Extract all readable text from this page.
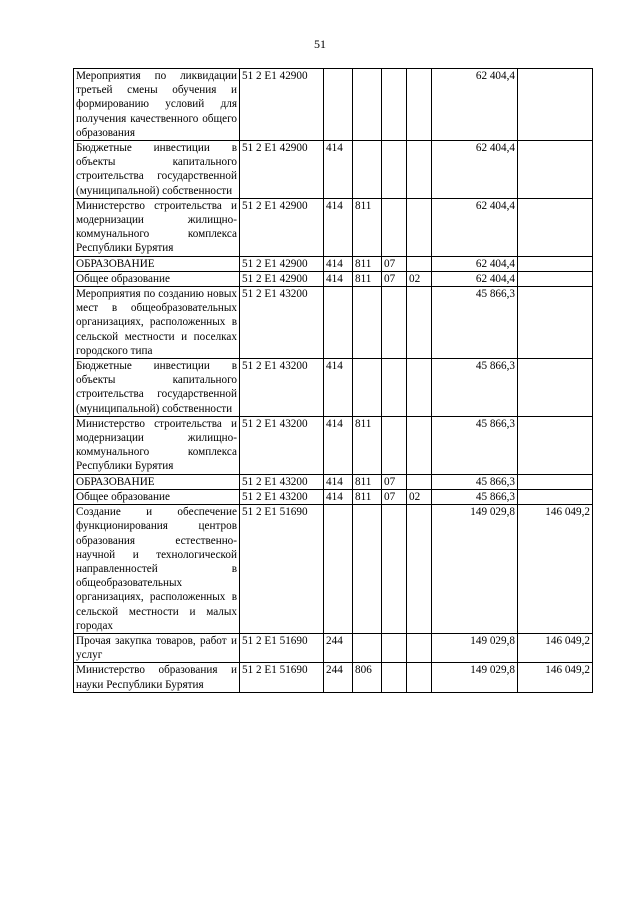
51
Мероприятия по ликвидации третьей смены обучения и формированию условий для получения качественного общего образования	51 2 E1 42900					62 404,4	
Бюджетные инвестиции в объекты капитального строительства государственной (муниципальной) собственности	51 2 E1 42900	414				62 404,4	
Министерство строительства и модернизации жилищно-коммунального комплекса Республики Бурятия	51 2 E1 42900	414	811			62 404,4	
ОБРАЗОВАНИЕ	51 2 E1 42900	414	811	07		62 404,4	
Общее образование	51 2 E1 42900	414	811	07	02	62 404,4	
Мероприятия по созданию новых мест в общеобразовательных организациях, расположенных в сельской местности и поселках городского типа	51 2 E1 43200					45 866,3	
Бюджетные инвестиции в объекты капитального строительства государственной (муниципальной) собственности	51 2 E1 43200	414				45 866,3	
Министерство строительства и модернизации жилищно-коммунального комплекса Республики Бурятия	51 2 E1 43200	414	811			45 866,3	
ОБРАЗОВАНИЕ	51 2 E1 43200	414	811	07		45 866,3	
Общее образование	51 2 E1 43200	414	811	07	02	45 866,3	
Создание и обеспечение функционирования центров образования естественно-научной и технологической направленностей в общеобразовательных организациях, расположенных в сельской местности и малых городах	51 2 E1 51690					149 029,8	146 049,2
Прочая закупка товаров, работ и услуг	51 2 E1 51690	244				149 029,8	146 049,2
Министерство образования и науки Республики Бурятия	51 2 E1 51690	244	806			149 029,8	146 049,2
